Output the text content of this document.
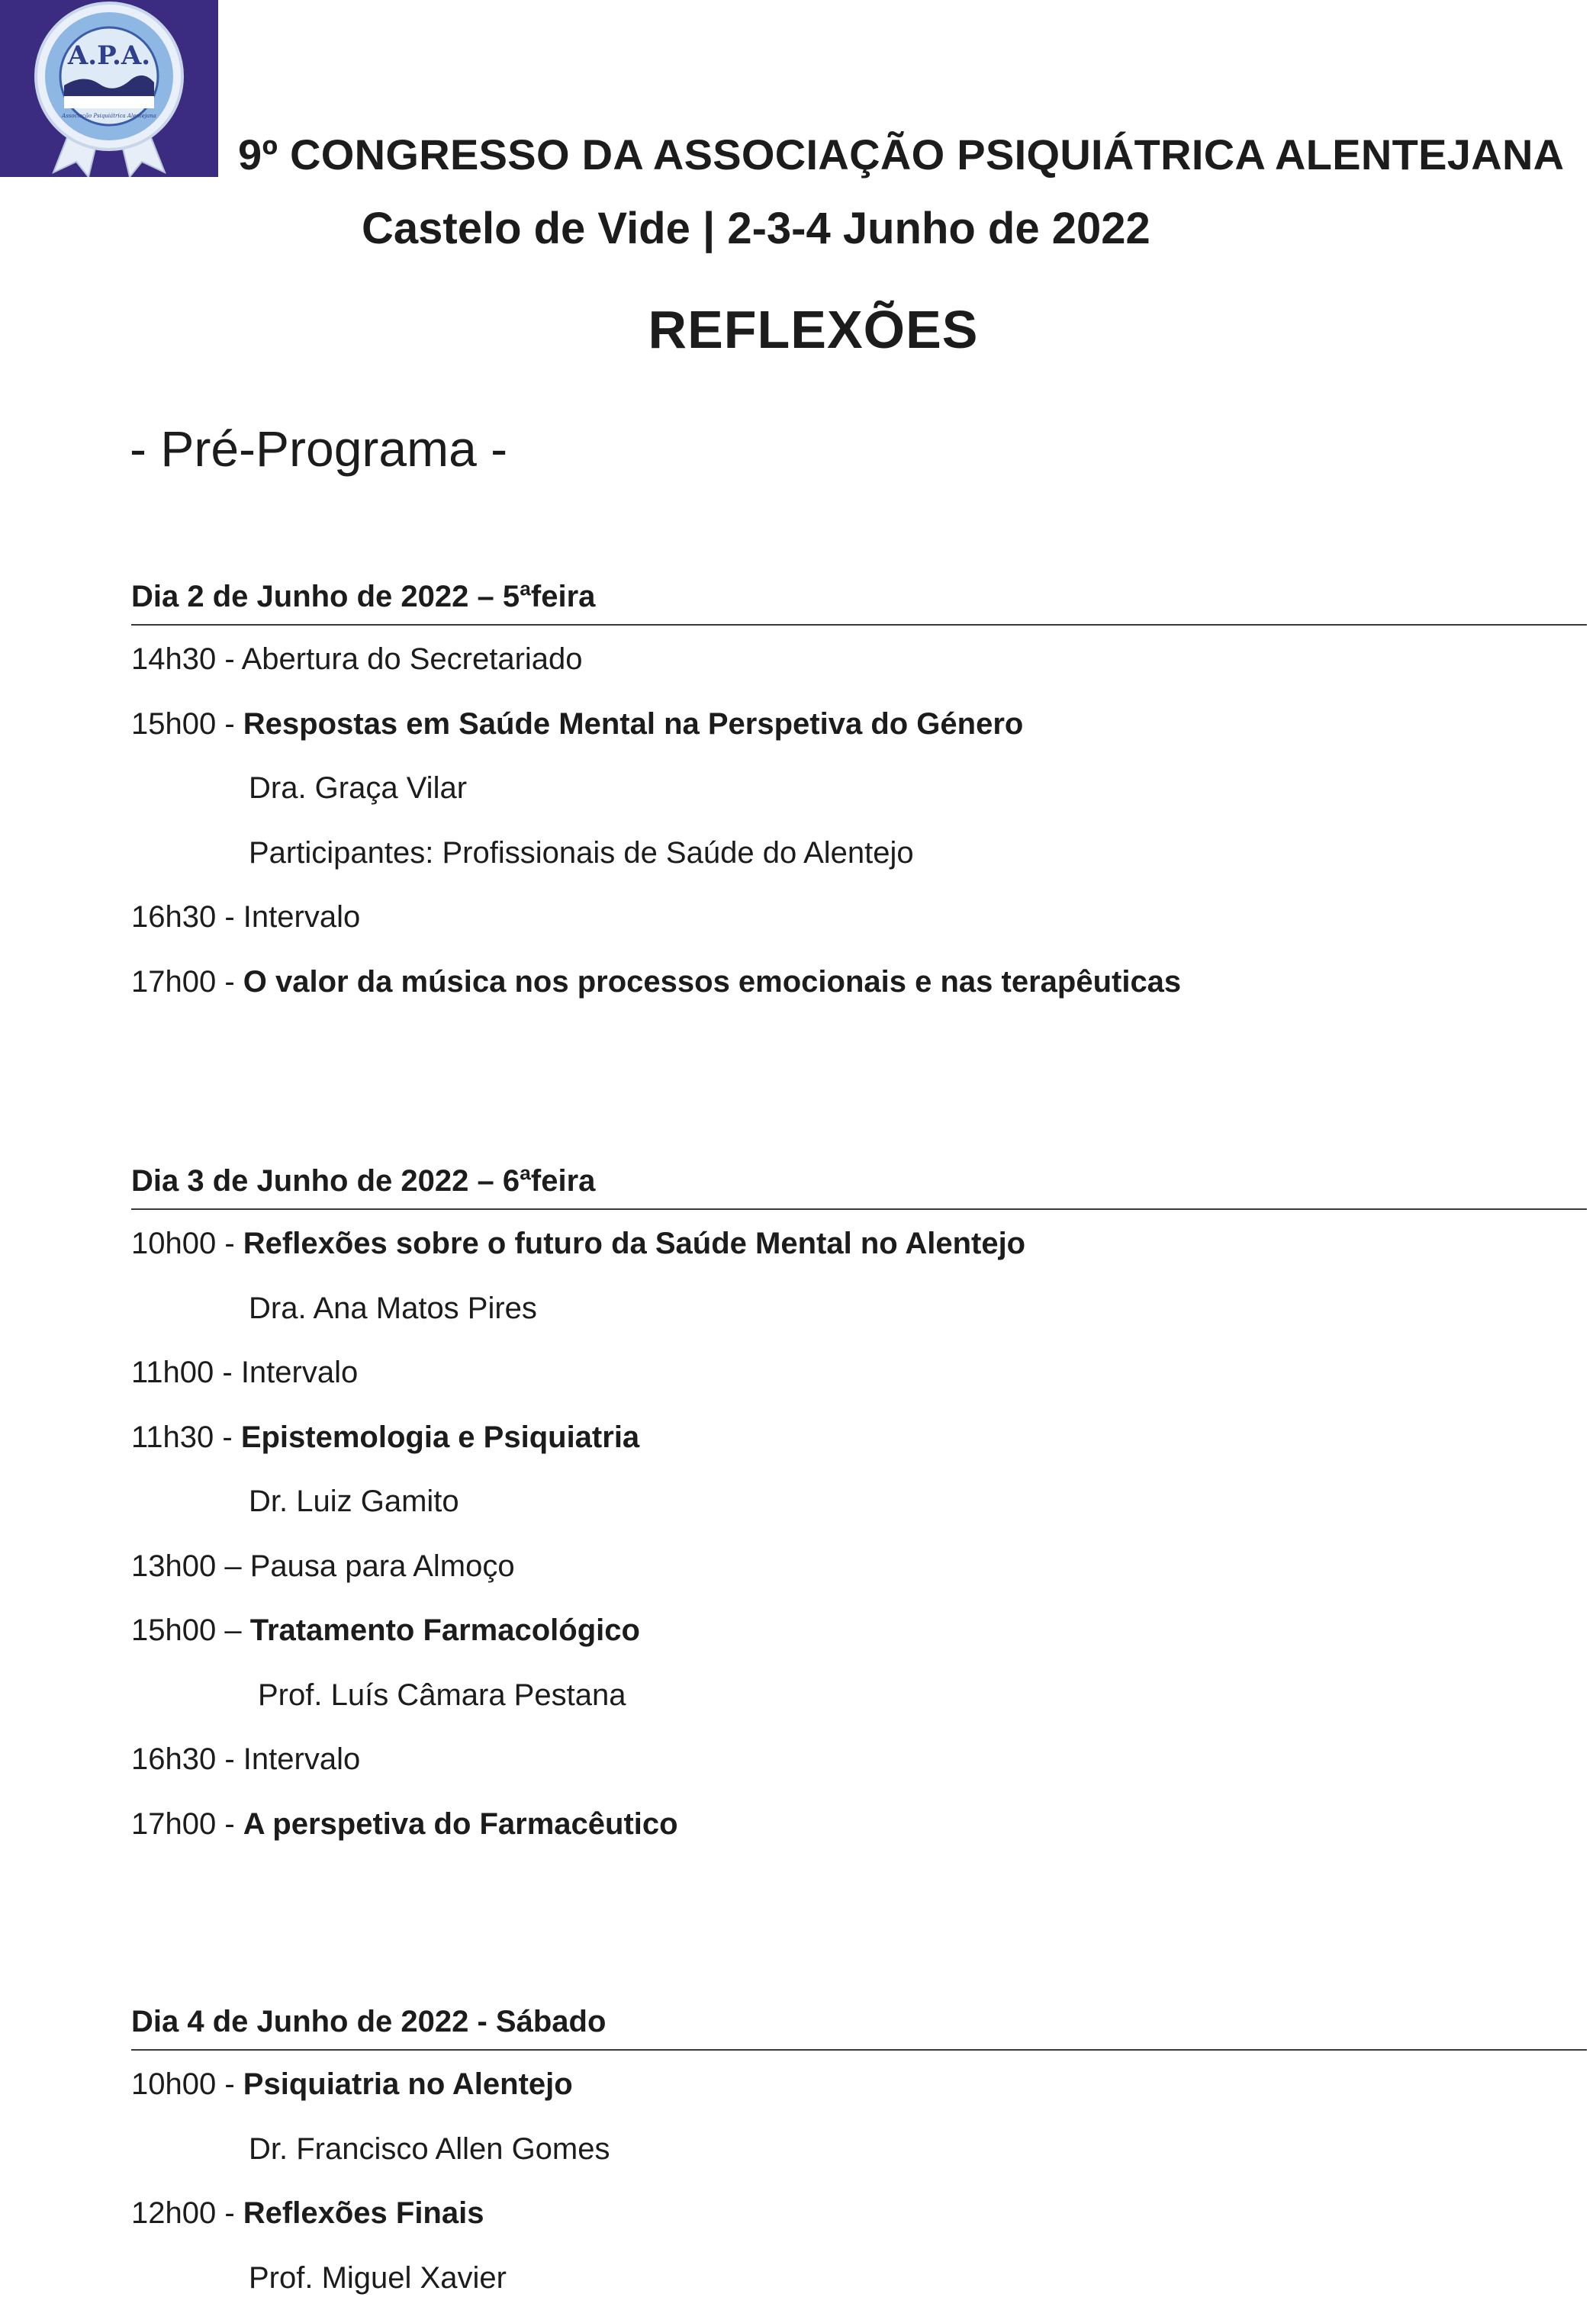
A.P.A.
Associação Psiquiátrica Alentejana
9º CONGRESSO DA ASSOCIAÇÃO PSIQUIÁTRICA ALENTEJANA
Castelo de Vide | 2-3-4 Junho de 2022
REFLEXÕES
- Pré-Programa -
Dia 2 de Junho de 2022 – 5ªfeira
14h30 - Abertura do Secretariado
15h00 - Respostas em Saúde Mental na Perspetiva do Género
Dra. Graça Vilar
Participantes: Profissionais de Saúde do Alentejo
16h30 - Intervalo
17h00 - O valor da música nos processos emocionais e nas terapêuticas
Dia 3 de Junho de 2022 – 6ªfeira
10h00 - Reflexões sobre o futuro da Saúde Mental no Alentejo
Dra. Ana Matos Pires
11h00 - Intervalo
11h30 - Epistemologia e Psiquiatria
Dr. Luiz Gamito
13h00 – Pausa para Almoço
15h00 – Tratamento Farmacológico
Prof. Luís Câmara Pestana
16h30 - Intervalo
17h00 - A perspetiva do Farmacêutico
Dia 4 de Junho de 2022 - Sábado
10h00 - Psiquiatria no Alentejo
Dr. Francisco Allen Gomes
12h00 - Reflexões Finais
Prof. Miguel Xavier
